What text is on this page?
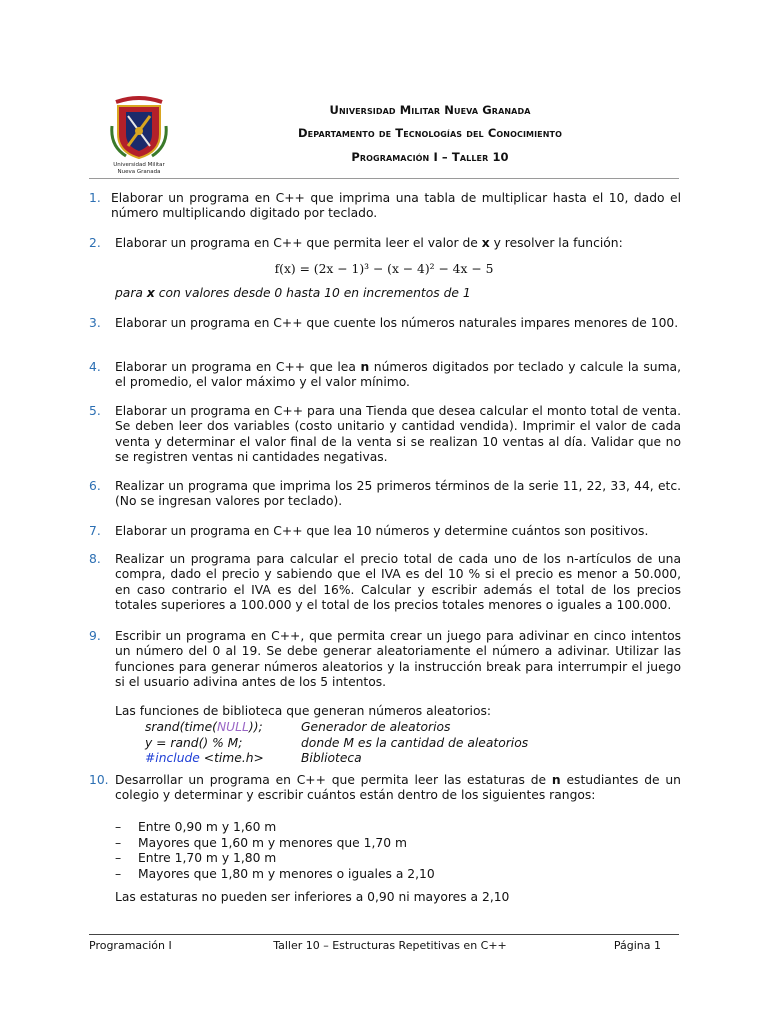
Universidad Militar
Nueva Granada
Universidad Militar Nueva Granada
Departamento de Tecnologías del Conocimiento
Programación I – Taller 10
1. Elaborar un programa en C++ que imprima una tabla de multiplicar hasta el 10, dado el número multiplicando digitado por teclado.
2. Elaborar un programa en C++ que permita leer el valor de x y resolver la función:
f(x) = (2x − 1)³ − (x − 4)² − 4x − 5
para x con valores desde 0 hasta 10 en incrementos de 1
3. Elaborar un programa en C++ que cuente los números naturales impares menores de 100.
4. Elaborar un programa en C++ que lea n números digitados por teclado y calcule la suma, el promedio, el valor máximo y el valor mínimo.
5. Elaborar un programa en C++ para una Tienda que desea calcular el monto total de venta. Se deben leer dos variables (costo unitario y cantidad vendida). Imprimir el valor de cada venta y determinar el valor final de la venta si se realizan 10 ventas al día. Validar que no se registren ventas ni cantidades negativas.
6. Realizar un programa que imprima los 25 primeros términos de la serie 11, 22, 33, 44, etc. (No se ingresan valores por teclado).
7. Elaborar un programa en C++ que lea 10 números y determine cuántos son positivos.
8. Realizar un programa para calcular el precio total de cada uno de los n-artículos de una compra, dado el precio y sabiendo que el IVA es del 10 % si el precio es menor a 50.000, en caso contrario el IVA es del 16%. Calcular y escribir además el total de los precios totales superiores a 100.000 y el total de los precios totales menores o iguales a 100.000.
9. Escribir un programa en C++, que permita crear un juego para adivinar en cinco intentos un número del 0 al 19. Se debe generar aleatoriamente el número a adivinar. Utilizar las funciones para generar números aleatorios y la instrucción break para interrumpir el juego si el usuario adivina antes de los 5 intentos.
Las funciones de biblioteca que generan números aleatorios:
srand(time(NULL));	Generador de aleatorios
y = rand() % M;	donde M es la cantidad de aleatorios
#include <time.h>	Biblioteca
10. Desarrollar un programa en C++ que permita leer las estaturas de n estudiantes de un colegio y determinar y escribir cuántos están dentro de los siguientes rangos:
– Entre 0,90 m y 1,60 m
– Mayores que 1,60 m y menores que 1,70 m
– Entre 1,70 m y 1,80 m
– Mayores que 1,80 m y menores o iguales a 2,10
Las estaturas no pueden ser inferiores a 0,90 ni mayores a 2,10
Programación I	Taller 10 – Estructuras Repetitivas en C++	Página 1
